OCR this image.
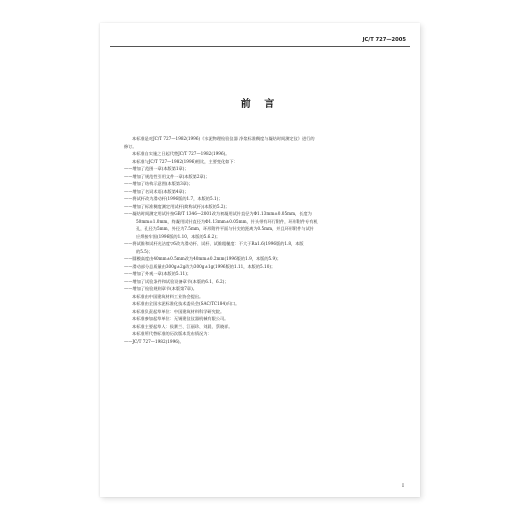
JC/T 727—2005
前 言
本标准是对JC/T 727—1982(1996)《水泥物理检验仪器 净浆标准稠度与凝结时间测定仪》进行的
修订。
本标准自实施之日起代替JC/T 727—1982(1996)。
本标准与JC/T 727—1982(1996)相比，主要变化如下：
——增加了范围一章(本版第1章)；
——增加了规范性引用文件一章(本版第2章)；
——增加了结构示意图(本版第3章)；
——增加了名词术语(本版第4章)；
——将试杆改为滑动杆(1996版的1.7，本版的5.1)；
——增加了标准稠度测定用试杆(简称试杆)(本版的5.2)；
——凝结时间测定用试针按GB/T 1346—2001改为初凝用试针直径为Φ1.13mm±0.05mm，长度为
50mm±1.0mm，终凝用试针直径为Φ1.13mm±0.05mm，针头带有环行附件，环形附件专有机
孔，孔径为5mm，外径为7.5mm，环形附件平面与针尖的距离为0.5mm，并且环形附件与试针
应焊接牢固(1996版的1.10，本版的5.6.2)；
——将试锥和试杆光洁度▽6改为滑动杆、试杆、试锥粗糙度：不大于Ra1.6(1996版的1.8，本版
的5.5)；
——圆模高度由40mm±0.5mm改为40mm±0.2mm(1996版的1.9，本版的5.9)；
——滑动部分总质量由300g±2g改为300g±1g(1996版的1.11，本版的5.10)；
——增加了外观一章(本版的5.11)；
——增加了试验条件和试验设备章节(本版的6.1、6.2)；
——增加了检验规则章节(本版第7章)。
本标准由中国建筑材料工业协会提出。
本标准由全国水泥标准化技术委员会(SAC/TC184)归口。
本标准负责起草单位：中国建筑材料科学研究院。
本标准参加起草单位：无锡建仪仪器机械有限公司。
本标准主要起草人：侯赛兰、江丽珍、刘晨、蔡晓祥。
本标准所代替标准的历次版本发布情况为：
——JC/T 727—1982(1996)。
I
